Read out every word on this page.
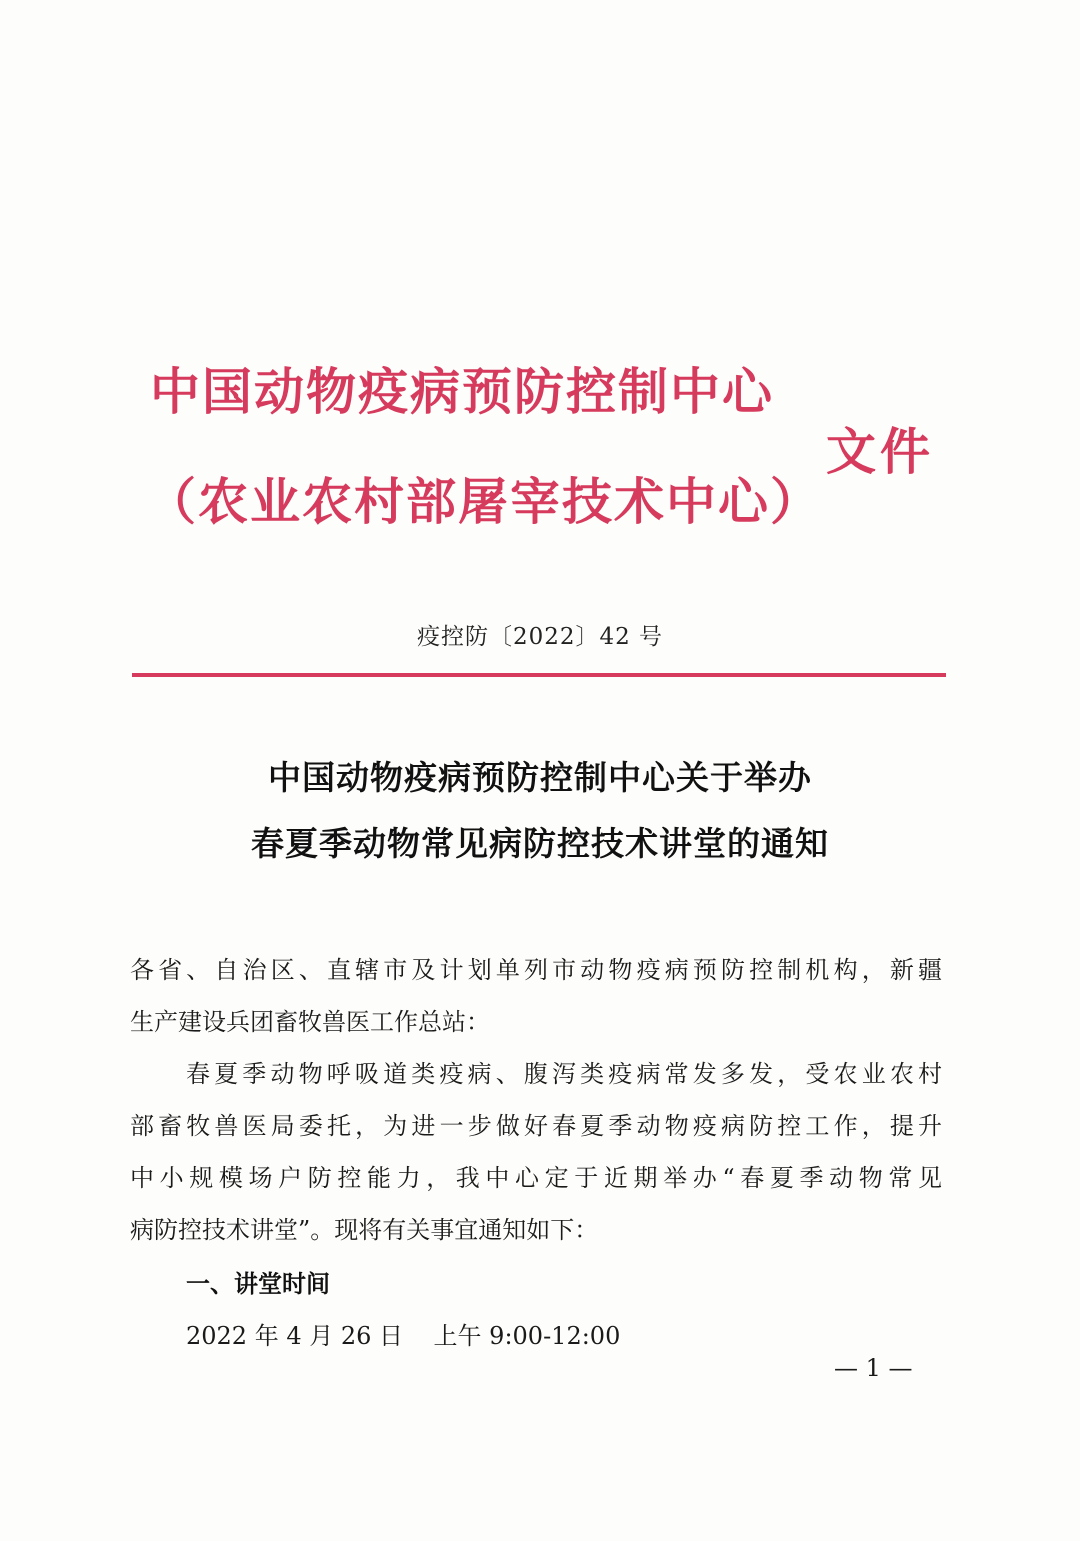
中国动物疫病预防控制中心
（农业农村部屠宰技术中心）
文件
疫控防〔2022〕42 号
中国动物疫病预防控制中心关于举办
春夏季动物常见病防控技术讲堂的通知
各省、自治区、直辖市及计划单列市动物疫病预防控制机构，新疆
生产建设兵团畜牧兽医工作总站：
春夏季动物呼吸道类疫病、腹泻类疫病常发多发，受农业农村
部畜牧兽医局委托，为进一步做好春夏季动物疫病防控工作，提升
中小规模场户防控能力，我中心定于近期举办“春夏季动物常见
病防控技术讲堂”。现将有关事宜通知如下：
一、讲堂时间
2022 年 4 月 26 日    上午 9:00-12:00
— 1 —
